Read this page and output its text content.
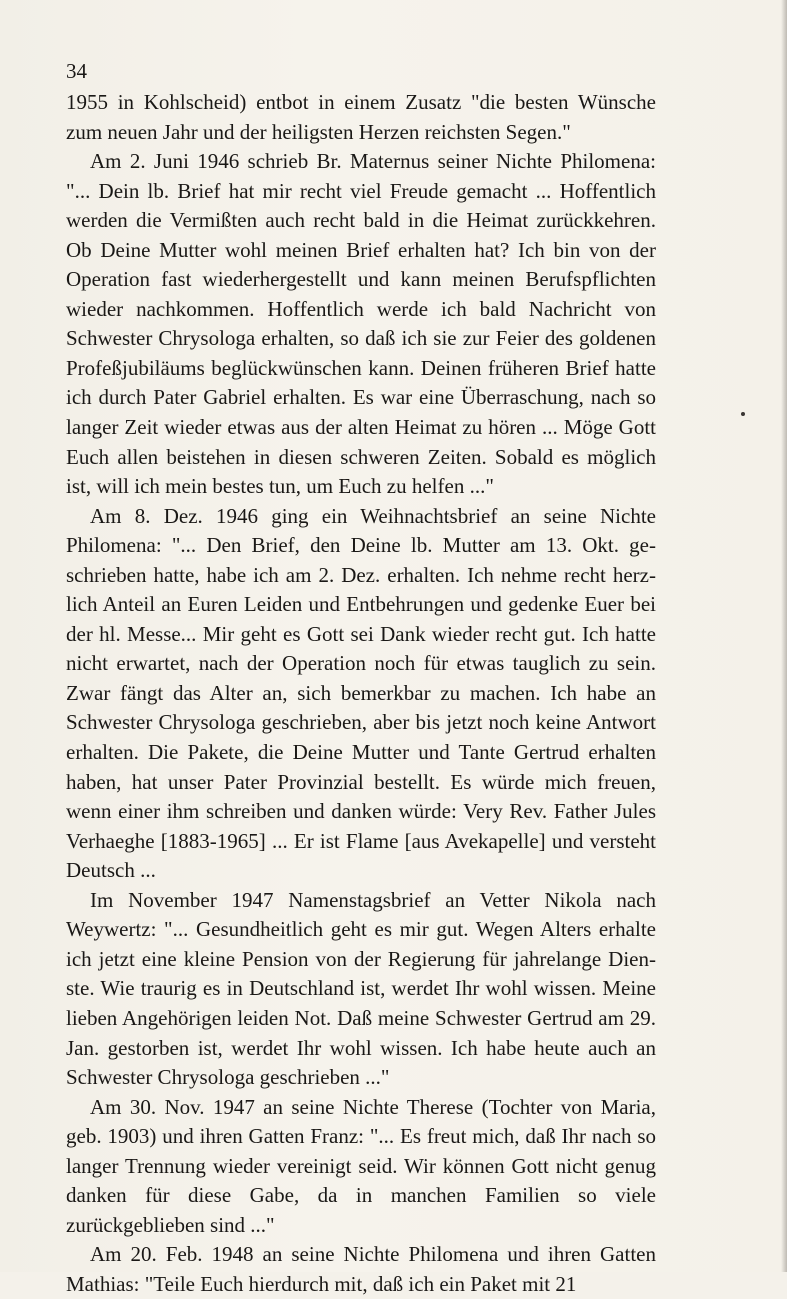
34

1955 in Kohlscheid) entbot in einem Zusatz "die besten Wünsche zum neuen Jahr und der heiligsten Herzen reichsten Segen."

Am 2. Juni 1946 schrieb Br. Maternus seiner Nichte Philomena: "... Dein lb. Brief hat mir recht viel Freude gemacht ... Hoffentlich werden die Vermißten auch recht bald in die Heimat zurückkehren. Ob Deine Mutter wohl meinen Brief erhalten hat? Ich bin von der Operation fast wiederhergestellt und kann meinen Berufspflichten wieder nachkommen. Hoffentlich werde ich bald Nachricht von Schwester Chrysologa erhalten, so daß ich sie zur Feier des goldenen Profeßjubiläums beglückwünschen kann. Deinen früheren Brief hatte ich durch Pater Gabriel erhalten. Es war eine Überraschung, nach so langer Zeit wieder etwas aus der alten Heimat zu hören ... Möge Gott Euch allen beistehen in diesen schweren Zeiten. Sobald es möglich ist, will ich mein bestes tun, um Euch zu helfen ..."

Am 8. Dez. 1946 ging ein Weihnachtsbrief an seine Nichte Philomena: "... Den Brief, den Deine lb. Mutter am 13. Okt. geschrieben hatte, habe ich am 2. Dez. erhalten. Ich nehme recht herzlich Anteil an Euren Leiden und Entbehrungen und gedenke Euer bei der hl. Messe... Mir geht es Gott sei Dank wieder recht gut. Ich hatte nicht erwartet, nach der Operation noch für etwas tauglich zu sein. Zwar fängt das Alter an, sich bemerkbar zu machen. Ich habe an Schwester Chrysologa geschrieben, aber bis jetzt noch keine Antwort erhalten. Die Pakete, die Deine Mutter und Tante Gertrud erhalten haben, hat unser Pater Provinzial bestellt. Es würde mich freuen, wenn einer ihm schreiben und danken würde: Very Rev. Father Jules Verhaeghe [1883-1965] ... Er ist Flame [aus Avekapelle] und versteht Deutsch ...

Im November 1947 Namenstagsbrief an Vetter Nikola nach Weywertz: "... Gesundheitlich geht es mir gut. Wegen Alters erhalte ich jetzt eine kleine Pension von der Regierung für jahrelange Dienste. Wie traurig es in Deutschland ist, werdet Ihr wohl wissen. Meine lieben Angehörigen leiden Not. Daß meine Schwester Gertrud am 29. Jan. gestorben ist, werdet Ihr wohl wissen. Ich habe heute auch an Schwester Chrysologa geschrieben ..."

Am 30. Nov. 1947 an seine Nichte Therese (Tochter von Maria, geb. 1903) und ihren Gatten Franz: "... Es freut mich, daß Ihr nach so langer Trennung wieder vereinigt seid. Wir können Gott nicht genug danken für diese Gabe, da in manchen Familien so viele zurückgeblieben sind ..."

Am 20. Feb. 1948 an seine Nichte Philomena und ihren Gatten Mathias: "Teile Euch hierdurch mit, daß ich ein Paket mit 21
